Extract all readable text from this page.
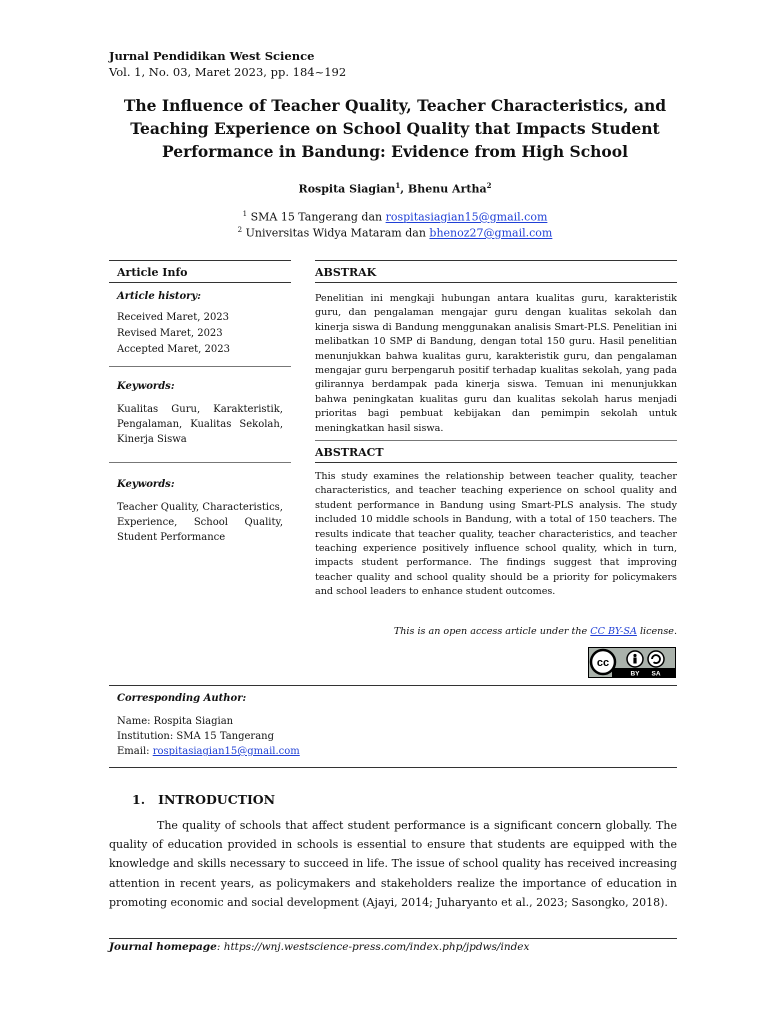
Jurnal Pendidikan West Science
Vol. 1, No. 03, Maret 2023, pp. 184~192
The Influence of Teacher Quality, Teacher Characteristics, and Teaching Experience on School Quality that Impacts Student Performance in Bandung: Evidence from High School
Rospita Siagian$^1$, Bhenu Artha$^2$
$^1$ SMA 15 Tangerang dan rospitasiagian15@gmail.com
$^2$ Universitas Widya Mataram dan bhenoz27@gmail.com
Article Info
Article history:
Received Maret, 2023
Revised Maret, 2023
Accepted Maret, 2023
Keywords:
Kualitas Guru, Karakteristik, Pengalaman, Kualitas Sekolah, Kinerja Siswa
Keywords:
Teacher Quality, Characteristics, Experience, School Quality, Student Performance
ABSTRAK
Penelitian ini mengkaji hubungan antara kualitas guru, karakteristik guru, dan pengalaman mengajar guru dengan kualitas sekolah dan kinerja siswa di Bandung menggunakan analisis Smart-PLS. Penelitian ini melibatkan 10 SMP di Bandung, dengan total 150 guru. Hasil penelitian menunjukkan bahwa kualitas guru, karakteristik guru, dan pengalaman mengajar guru berpengaruh positif terhadap kualitas sekolah, yang pada gilirannya berdampak pada kinerja siswa. Temuan ini menunjukkan bahwa peningkatan kualitas guru dan kualitas sekolah harus menjadi prioritas bagi pembuat kebijakan dan pemimpin sekolah untuk meningkatkan hasil siswa.
ABSTRACT
This study examines the relationship between teacher quality, teacher characteristics, and teacher teaching experience on school quality and student performance in Bandung using Smart-PLS analysis. The study included 10 middle schools in Bandung, with a total of 150 teachers. The results indicate that teacher quality, teacher characteristics, and teacher teaching experience positively influence school quality, which in turn, impacts student performance. The findings suggest that improving teacher quality and school quality should be a priority for policymakers and school leaders to enhance student outcomes.
This is an open access article under the CC BY-SA license.
cc
BY SA
Corresponding Author:
Name: Rospita Siagian
Institution: SMA 15 Tangerang
Email: rospitasiagian15@gmail.com
1.   INTRODUCTION
The quality of schools that affect student performance is a significant concern globally. The quality of education provided in schools is essential to ensure that students are equipped with the knowledge and skills necessary to succeed in life. The issue of school quality has received increasing attention in recent years, as policymakers and stakeholders realize the importance of education in promoting economic and social development (Ajayi, 2014; Juharyanto et al., 2023; Sasongko, 2018).
Journal homepage: https://wnj.westscience-press.com/index.php/jpdws/index
